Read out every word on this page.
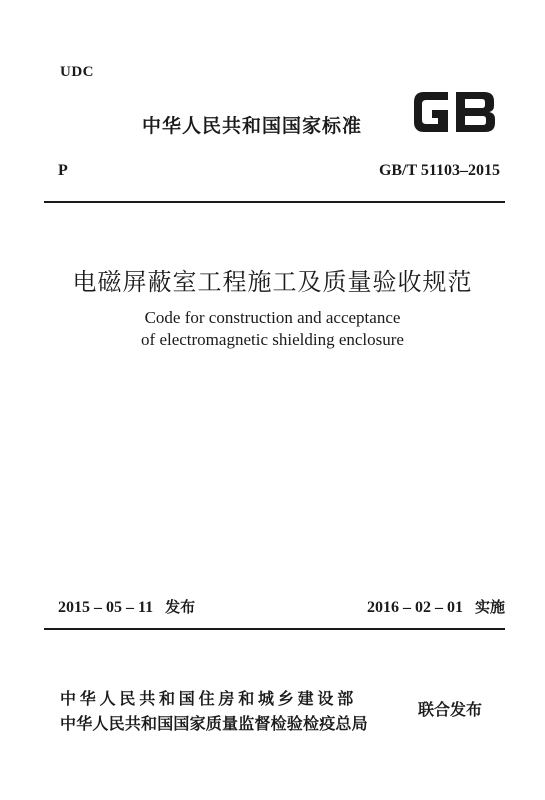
UDC
中华人民共和国国家标准
P	GB/T 51103–2015
电磁屏蔽室工程施工及质量验收规范
Code for construction and acceptance
of electromagnetic shielding enclosure
2015 – 05 – 11 发布	2016 – 02 – 01 实施
中华人民共和国住房和城乡建设部
中华人民共和国国家质量监督检验检疫总局
联合发布
